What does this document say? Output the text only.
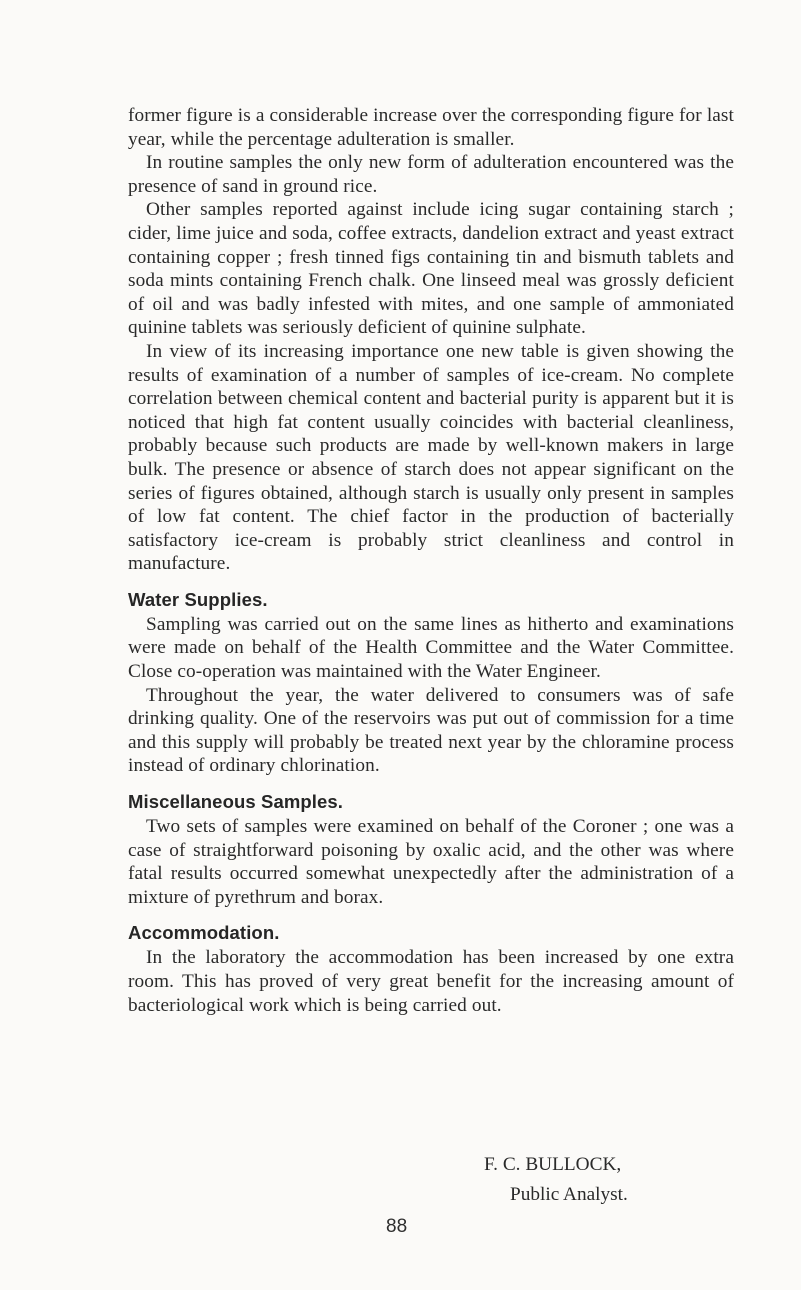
former figure is a considerable increase over the corresponding figure for last year, while the percentage adulteration is smaller.

In routine samples the only new form of adulteration encountered was the presence of sand in ground rice.

Other samples reported against include icing sugar containing starch ; cider, lime juice and soda, coffee extracts, dandelion extract and yeast extract containing copper ; fresh tinned figs containing tin and bismuth tablets and soda mints containing French chalk. One linseed meal was grossly deficient of oil and was badly infested with mites, and one sample of ammoniated quinine tablets was seriously deficient of quinine sulphate.

In view of its increasing importance one new table is given showing the results of examination of a number of samples of ice-cream. No complete correlation between chemical content and bacterial purity is apparent but it is noticed that high fat content usually coincides with bacterial cleanliness, probably because such products are made by well-known makers in large bulk. The presence or absence of starch does not appear significant on the series of figures obtained, although starch is usually only present in samples of low fat content. The chief factor in the production of bacterially satisfactory ice-cream is probably strict cleanliness and control in manufacture.

Water Supplies.

Sampling was carried out on the same lines as hitherto and examinations were made on behalf of the Health Committee and the Water Committee. Close co-operation was maintained with the Water Engineer.

Throughout the year, the water delivered to consumers was of safe drinking quality. One of the reservoirs was put out of commission for a time and this supply will probably be treated next year by the chloramine process instead of ordinary chlorination.

Miscellaneous Samples.

Two sets of samples were examined on behalf of the Coroner ; one was a case of straightforward poisoning by oxalic acid, and the other was where fatal results occurred somewhat unexpectedly after the administration of a mixture of pyrethrum and borax.

Accommodation.

In the laboratory the accommodation has been increased by one extra room. This has proved of very great benefit for the increasing amount of bacteriological work which is being carried out.

F. C. BULLOCK,
Public Analyst.
88
